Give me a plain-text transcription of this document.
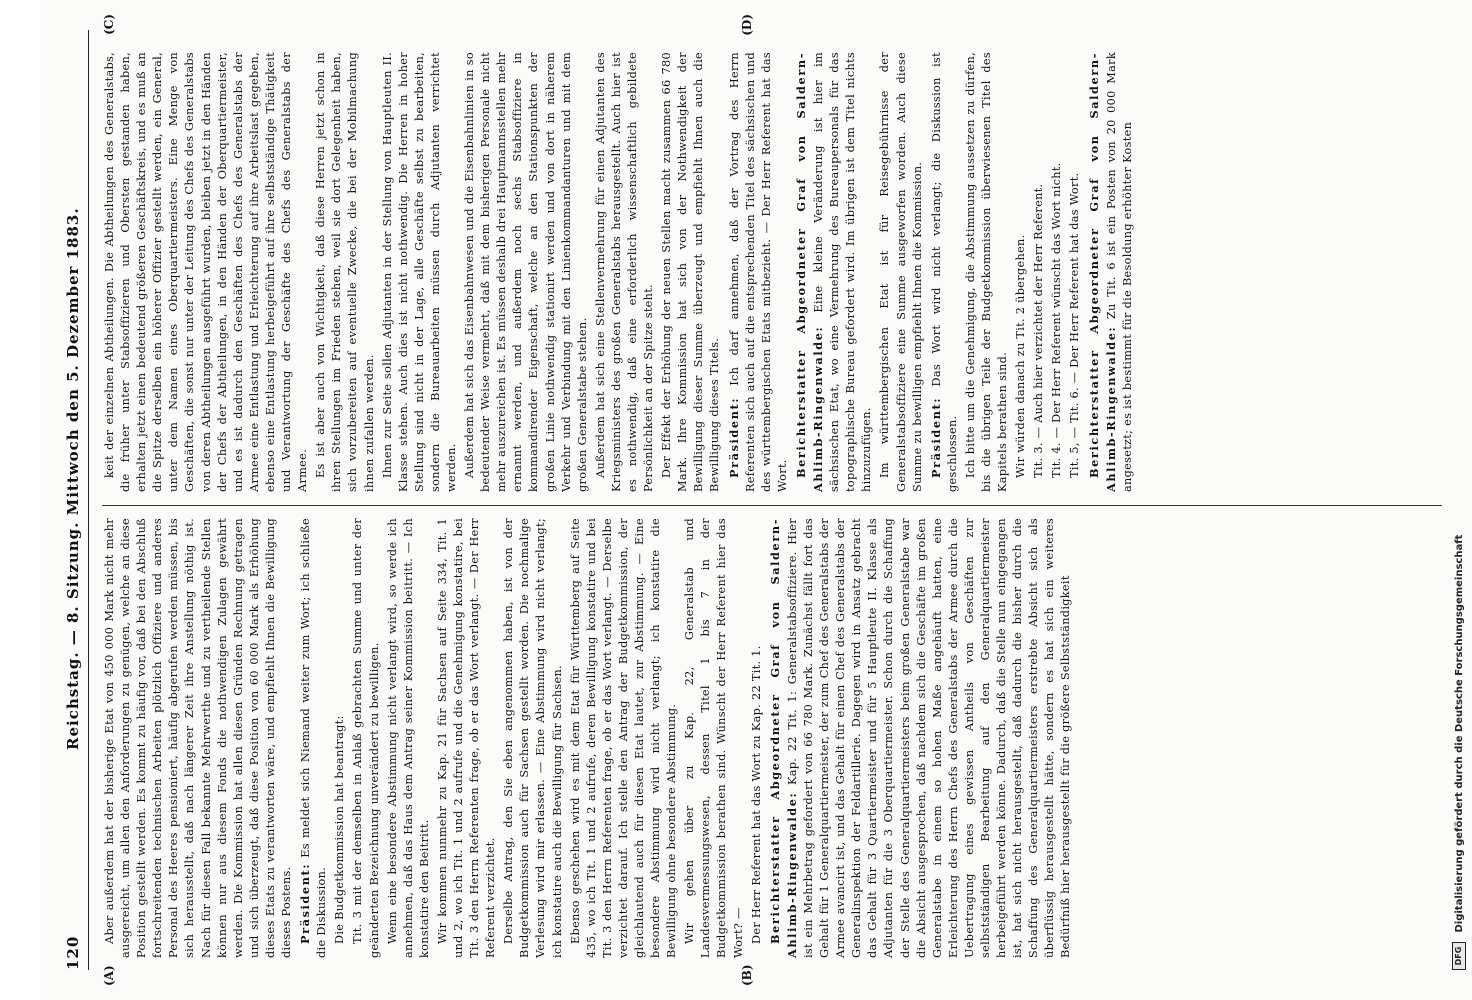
120
Reichstag. — 8. Sitzung. Mittwoch den 5. Dezember 1883.
(A)	(B)
(C)	(D)

Aber außerdem hat der bisherige Etat von 450 000 Mark nicht mehr ausgereicht, um allen den Anforderungen zu genügen, welche an diese Position gestellt werden. Es kommt zu häufig vor, daß bei den Abschluß fortschreitenden technischen Arbeiten plötzlich Offiziere und anderes Personal des Heeres pensioniert, häufig abgerufen werden müssen, bis sich herausstellt, daß nach längerer Zeit ihre Anstellung nöthig ist. Nach für diesen Fall bekannte Mehrwerthe und zu vertheilende Stellen können nur aus diesem Fonds die nothwendigen Zulagen gewährt werden. Die Kommission hat allen diesen Gründen Rechnung getragen und sich überzeugt, daß diese Position von 60 000 Mark als Erhöhung dieses Etats zu verantworten wäre, und empfiehlt Ihnen die Bewilligung dieses Postens. Präsident: Es meldet sich Niemand weiter zum Wort; ich schließe die Diskussion. Die Budgetkommission hat beantragt: Tit. 3 mit der demselben in Anlaß gebrachten Summe und unter der geänderten Bezeichnung unverändert zu bewilligen. Wenn eine besondere Abstimmung nicht verlangt wird, so werde ich annehmen, daß das Haus dem Antrag seiner Kommission beitritt. — Ich konstatire den Beitritt. Wir kommen nunmehr zu Kap. 21 für Sachsen auf Seite 334, Tit. 1 und 2, wo ich Tit. 1 und 2 aufrufe und die Genehmigung konstatire, bei Tit. 3 den Herrn Referenten frage, ob er das Wort verlangt. — Der Herr Referent verzichtet. Derselbe Antrag, den Sie eben angenommen haben, ist von der Budgetkommission auch für Sachsen gestellt worden. Die nochmalige Verlesung wird mir erlassen. — Eine Abstimmung wird nicht verlangt; ich konstatire auch die Bewilligung für Sachsen. Ebenso geschehen wird es mit dem Etat für Württemberg auf Seite 435, wo ich Tit. 1 und 2 aufrufe, deren Bewilligung konstatire und bei Tit. 3 den Herrn Referenten frage, ob er das Wort verlangt. — Derselbe verzichtet darauf. Ich stelle den Antrag der Budgetkommission, der gleichlautend auch für diesen Etat lautet, zur Abstimmung. — Eine besondere Abstimmung wird nicht verlangt; ich konstatire die Bewilligung ohne besondere Abstimmung. Wir gehen über zu Kap. 22, Generalstab und Landesvermessungswesen, dessen Titel 1 bis 7 in der Budgetkommission berathen sind. Wünscht der Herr Referent hier das Wort? — Der Herr Referent hat das Wort zu Kap. 22 Tit. 1. Berichterstatter Abgeordneter Graf von Saldern-Ahlimb-Ringenwalde: Kap. 22 Tit. 1: Generalstabsoffiziere. Hier ist ein Mehrbetrag gefordert von 66 780 Mark. Zunächst fällt fort das Gehalt für 1 Generalquartiermeister, der zum Chef des Generalstabs der Armee avancirt ist, und das Gehalt für einen Chef des Generalstabs der Generalinspektion der Feldartillerie. Dagegen wird in Ansatz gebracht das Gehalt für 3 Quartiermeister und für 5 Hauptleute II. Klasse als Adjutanten für die 3 Oberquartiermeister. Schon durch die Schaffung der Stelle des Generalquartiermeisters beim großen Generalstabe war die Absicht ausgesprochen, daß nachdem sich die Geschäfte im großen Generalstabe in einem so hohen Maße angehäuft hatten, eine Erleichterung des Herrn Chefs des Generalstabs der Armee durch die Uebertragung eines gewissen Antheils von Geschäften zur selbstständigen Bearbeitung auf den Generalquartiermeister herbeigeführt werden könne. Dadurch, daß die Stelle nun eingegangen ist, hat sich nicht herausgestellt, daß dadurch die bisher durch die Schaffung des Generalquartiermeisters erstrebte Absicht sich als überflüssig herausgestellt hätte, sondern es hat sich ein weiteres Bedürfniß hier herausgestellt für die größere Selbstständigkeit

keit der einzelnen Abtheilungen. Die Abtheilungen des Generalstabs, die früher unter Stabsoffizieren und Obersten gestanden haben, erhalten jetzt einen bedeutend größeren Geschäftskreis, und es muß an die Spitze derselben ein höherer Offizier gestellt werden, ein General, unter dem Namen eines Oberquartiermeisters. Eine Menge von Geschäften, die sonst nur unter der Leitung des Chefs des Generalstabs von deren Abtheilungen ausgeführt wurden, bleiben jetzt in den Händen der Chefs der Abtheilungen, in den Händen der Oberquartiermeister, und es ist dadurch den Geschäften des Chefs des Generalstabs der Armee eine Entlastung und Erleichterung auf ihre Arbeitslast gegeben, ebenso eine Entlastung herbeigeführt auf ihre selbstständige Thätigkeit und Verantwortung der Geschäfte des Chefs des Generalstabs der Armee. Es ist aber auch von Wichtigkeit, daß diese Herren jetzt schon in ihren Stellungen im Frieden stehen, weil sie dort Gelegenheit haben, sich vorzubereiten auf eventuelle Zwecke, die bei der Mobilmachung ihnen zufallen werden. Ihnen zur Seite sollen Adjutanten in der Stellung von Hauptleuten II. Klasse stehen. Auch dies ist nicht nothwendig. Die Herren in hoher Stellung sind nicht in der Lage, alle Geschäfte selbst zu bearbeiten, sondern die Bureauarbeiten müssen durch Adjutanten verrichtet werden. Außerdem hat sich das Eisenbahnwesen und die Eisenbahnlinien in so bedeutender Weise vermehrt, daß mit dem bisherigen Personale nicht mehr auszureichen ist. Es müssen deshalb drei Hauptmannsstellen mehr ernannt werden, und außerdem noch sechs Stabsoffiziere in kommandirender Eigenschaft, welche an den Stationspunkten der großen Linie nothwendig stationirt werden und von dort in näherem Verkehr und Verbindung mit den Linienkommandanturen und mit dem großen Generalstabe stehen. Außerdem hat sich eine Stellenvermehrung für einen Adjutanten des Kriegsministers des großen Generalstabs herausgestellt. Auch hier ist es nothwendig, daß eine erforderlich wissenschaftlich gebildete Persönlichkeit an der Spitze steht. Der Effekt der Erhöhung der neuen Stellen macht zusammen 66 780 Mark. Ihre Kommission hat sich von der Nothwendigkeit der Bewilligung dieser Summe überzeugt und empfiehlt Ihnen auch die Bewilligung dieses Titels. Präsident: Ich darf annehmen, daß der Vortrag des Herrn Referenten sich auch auf die entsprechenden Titel des sächsischen und des württembergischen Etats mitbezieht. — Der Herr Referent hat das Wort. Berichterstatter Abgeordneter Graf von Saldern-Ahlimb-Ringenwalde: Eine kleine Veränderung ist hier im sächsischen Etat, wo eine Vermehrung des Bureaupersonals für das topographische Bureau gefordert wird. Im übrigen ist dem Titel nichts hinzuzufügen. Im württembergischen Etat ist für Reisegebührnisse der Generalstabsoffiziere eine Summe ausgeworfen worden. Auch diese Summe zu bewilligen empfiehlt Ihnen die Kommission. Präsident: Das Wort wird nicht verlangt; die Diskussion ist geschlossen. Ich bitte um die Genehmigung, die Abstimmung aussetzen zu dürfen, bis die übrigen Teile der Budgetkommission überwiesenen Titel des Kapitels berathen sind. Wir würden danach zu Tit. 2 übergehen. Tit. 3. — Auch hier verzichtet der Herr Referent. Tit. 4. — Der Herr Referent wünscht das Wort nicht. Tit. 5, — Tit. 6. — Der Herr Referent hat das Wort. Berichterstatter Abgeordneter Graf von Saldern-Ahlimb-Ringenwalde: Zu Tit. 6 ist ein Posten von 20 000 Mark angesetzt; es ist bestimmt für die Besoldung erhöhter Kosten

DFG Digitalisierung gefördert durch die Deutsche Forschungsgemeinschaft
